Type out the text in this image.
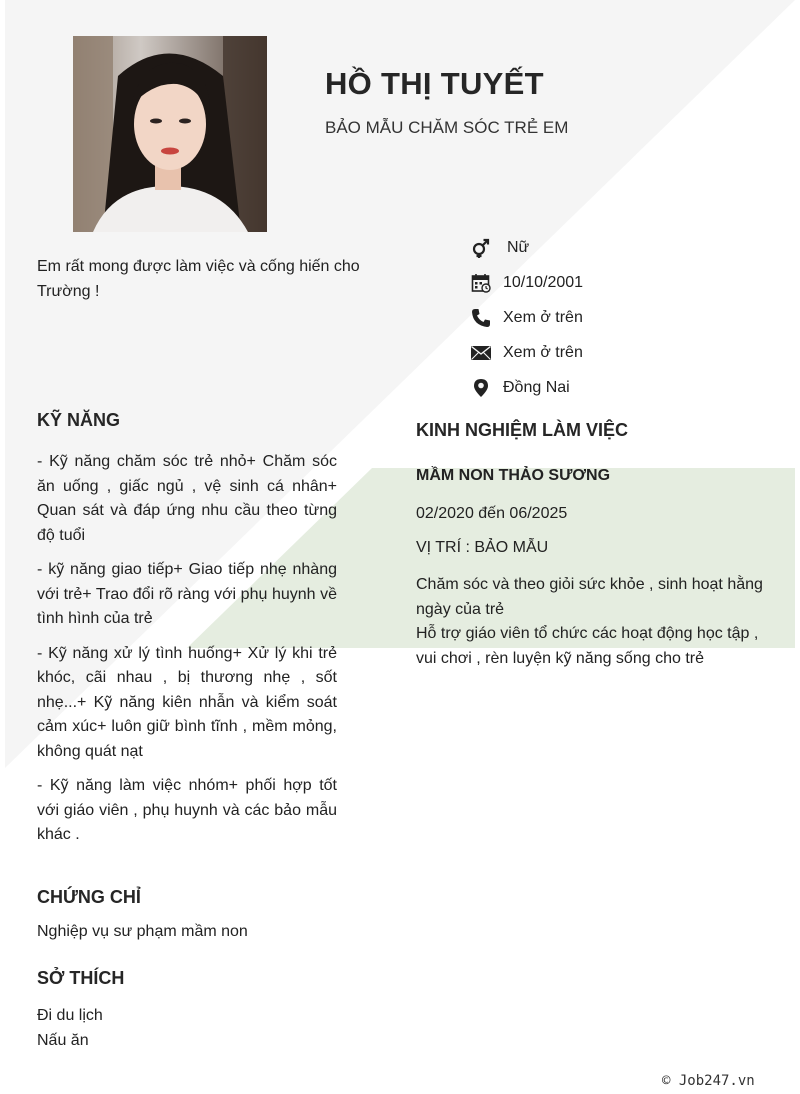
HỒ THỊ TUYẾT
BẢO MẪU CHĂM SÓC TRẺ EM
Em rất mong được làm việc và cống hiến cho Trường !
Nữ
10/10/2001
Xem ở trên
Xem ở trên
Đồng Nai
KỸ NĂNG

- Kỹ năng chăm sóc trẻ nhỏ+ Chăm sóc ăn uống , giấc ngủ , vệ sinh cá nhân+ Quan sát và đáp ứng nhu cầu theo từng độ tuổi

- kỹ năng giao tiếp+ Giao tiếp nhẹ nhàng với trẻ+ Trao đổi rõ ràng với phụ huynh về tình hình của trẻ

- Kỹ năng xử lý tình huống+ Xử lý khi trẻ khóc, cãi nhau , bị thương nhẹ , sốt nhẹ...+ Kỹ năng kiên nhẫn và kiểm soát cảm xúc+ luôn giữ bình tĩnh , mềm mỏng, không quát nạt

- Kỹ năng làm việc nhóm+ phối hợp tốt với giáo viên , phụ huynh và các bảo mẫu khác .

KINH NGHIỆM LÀM VIỆC
MẦM NON THẢO SƯƠNG
02/2020 đến 06/2025
VỊ TRÍ : BẢO MẪU
Chăm sóc và theo giỏi sức khỏe , sinh hoạt hằng ngày của trẻ
Hỗ trợ giáo viên tổ chức các hoạt động học tập , vui chơi , rèn luyện kỹ năng sống cho trẻ
CHỨNG CHỈ
Nghiệp vụ sư phạm mầm non
SỞ THÍCH
Đi du lịch
Nấu ăn
© Job247.vn
